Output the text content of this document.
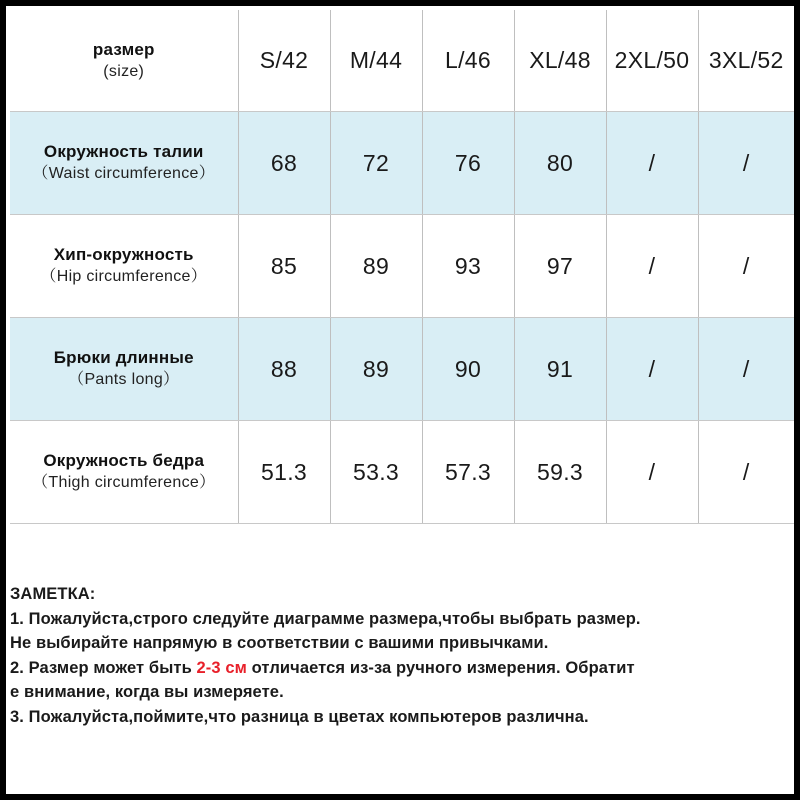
размер
(size)	S/42	M/44	L/46	XL/48	2XL/50	3XL/52

Окружность талии
（Waist circumference）	68	72	76	80	/	/

Хип-окружность
（Hip circumference）	85	89	93	97	/	/

Брюки длинные
（Pants long）	88	89	90	91	/	/

Окружность бедра
（Thigh circumference）	51.3	53.3	57.3	59.3	/	/

ЗАМЕТКА:

1. Пожалуйста,строго следуйте диаграмме размера,чтобы выбрать размер.

Не выбирайте напрямую в соответствии с вашими привычками.

2. Размер может быть 2-3 см отличается из-за ручного измерения. Обратит

е внимание, когда вы измеряете.

3. Пожалуйста,поймите,что разница в цветах компьютеров различна.
